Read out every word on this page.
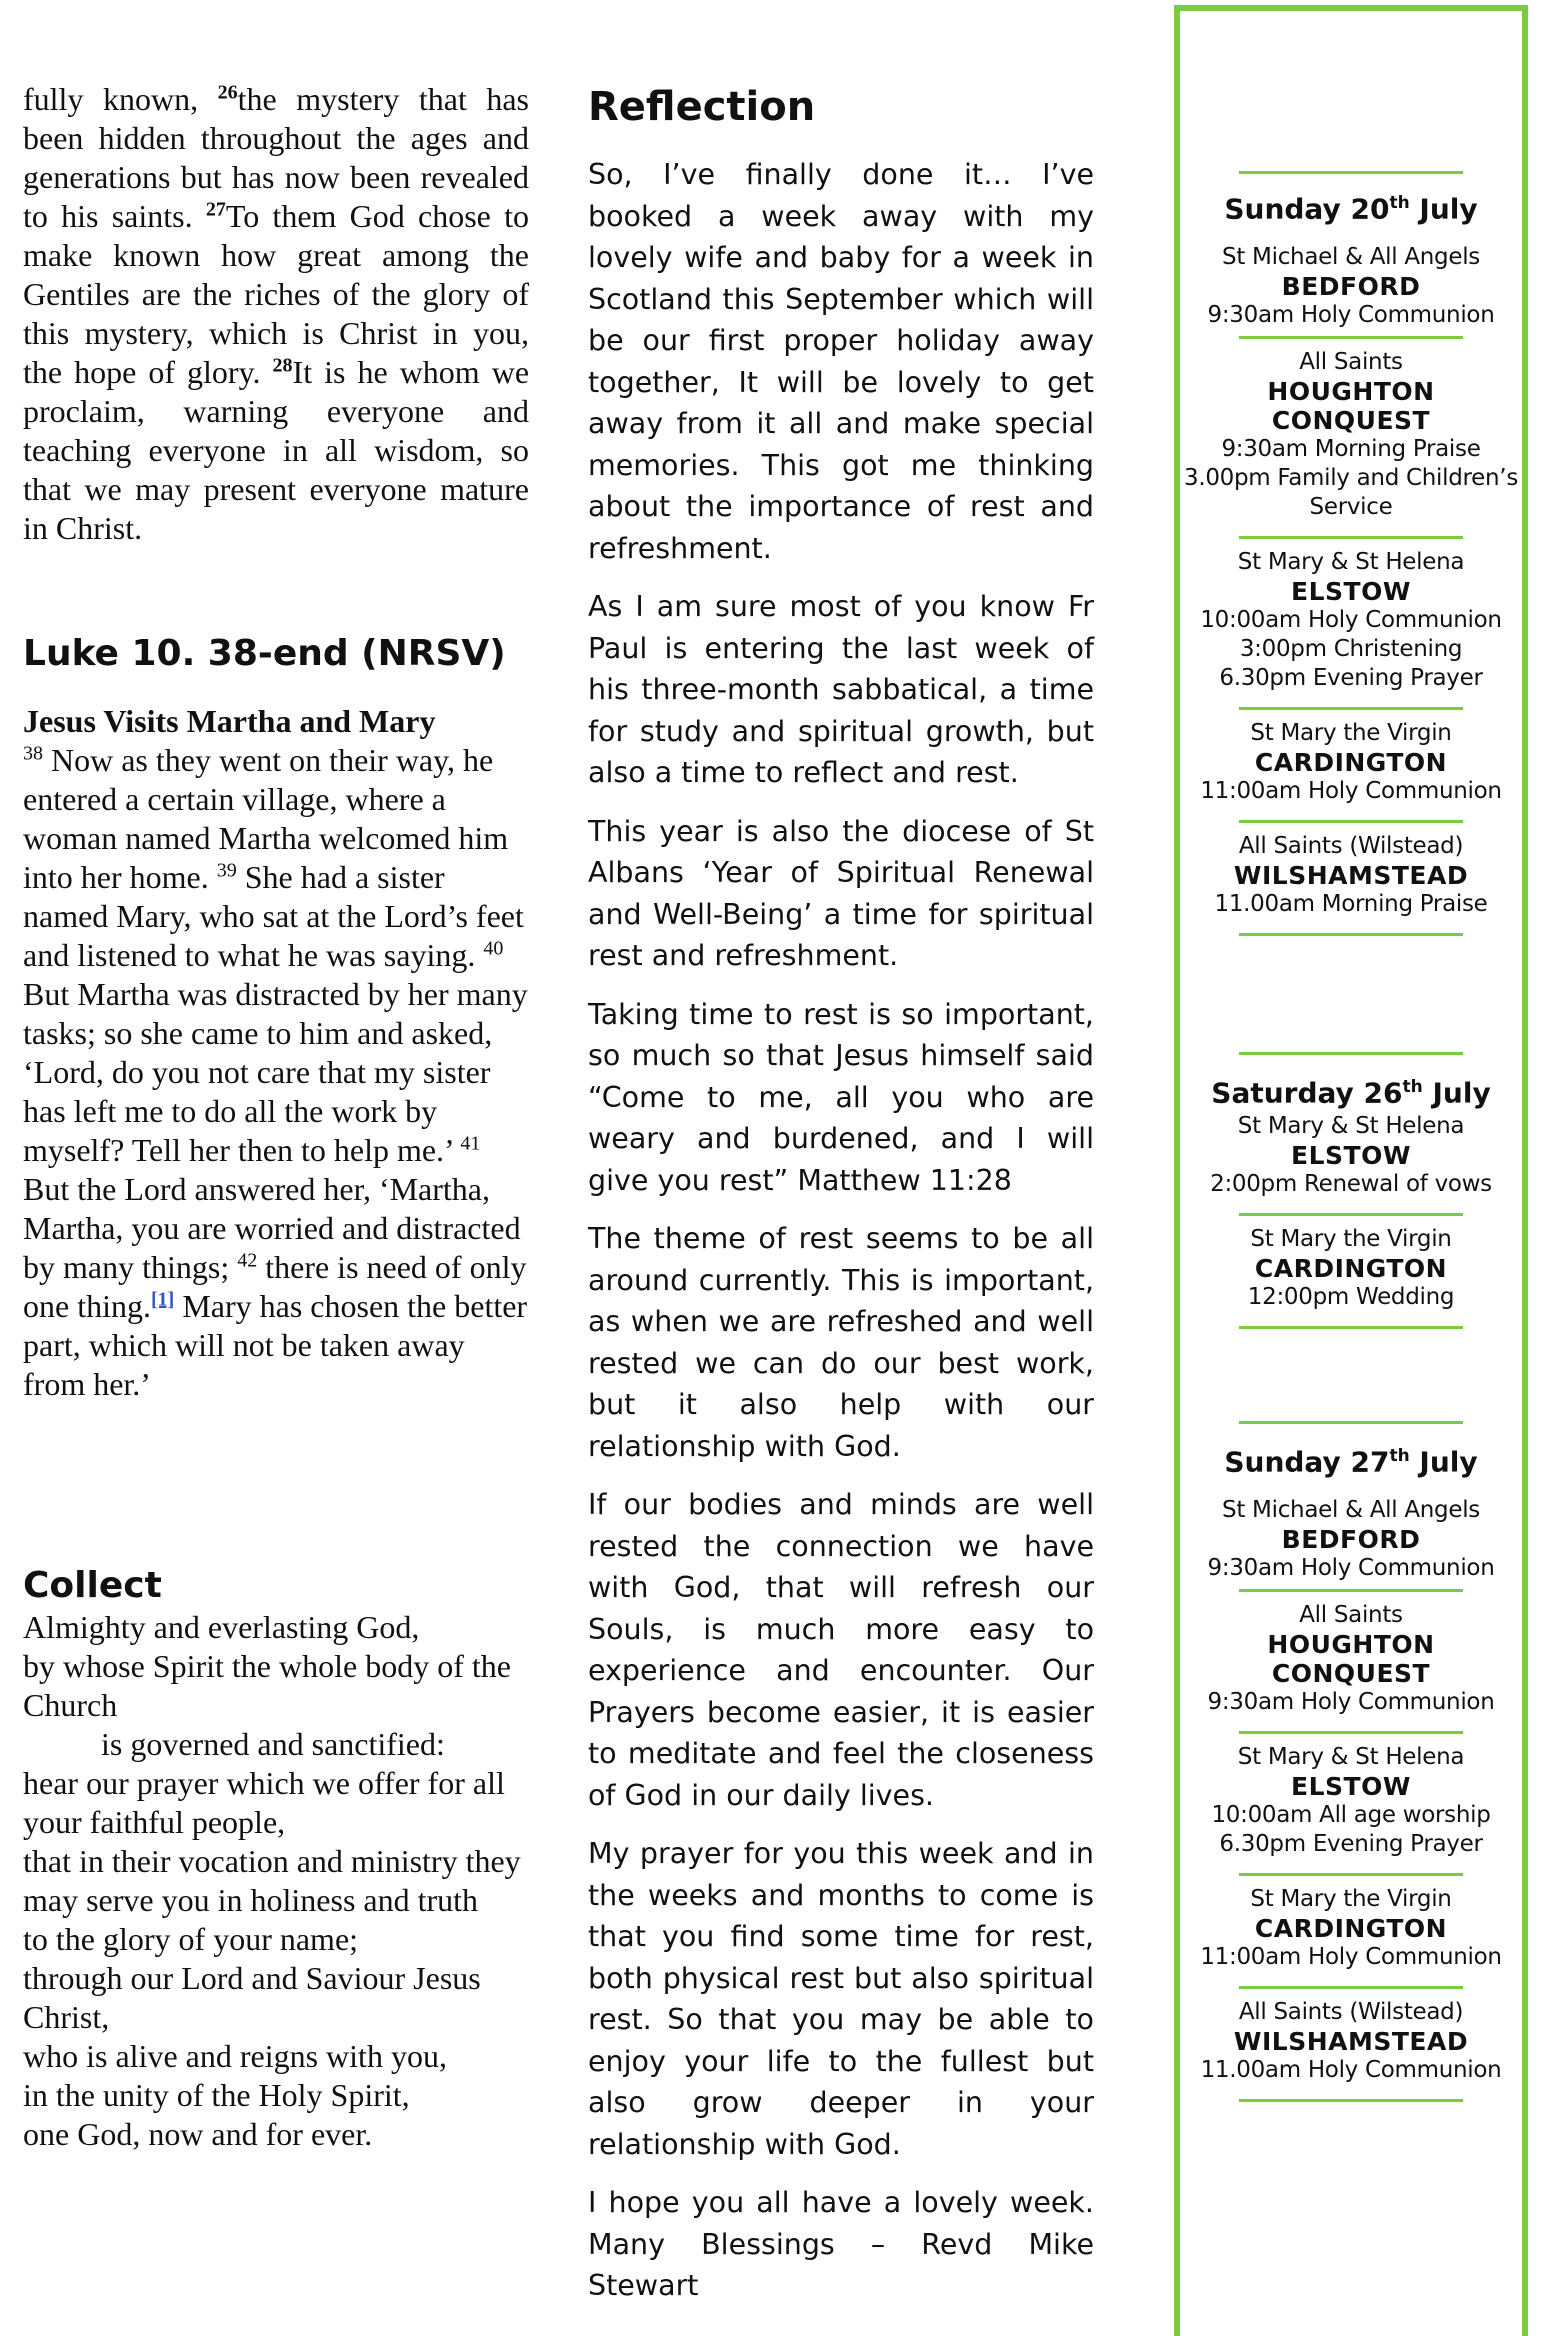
fully known, $^{26}$the mystery that has been hidden throughout the ages and generations but has now been revealed to his saints. $^{27}$To them God chose to make known how great among the Gentiles are the riches of the glory of this mystery, which is Christ in you, the hope of glory. $^{28}$It is he whom we proclaim, warning everyone and teaching everyone in all wisdom, so that we may present everyone mature in Christ.

Luke 10. 38-end (NRSV)

Jesus Visits Martha and Mary

$^{38}$ Now as they went on their way, he entered a certain village, where a woman named Martha welcomed him into her home. $^{39}$ She had a sister named Mary, who sat at the Lord’s feet and listened to what he was saying. $^{40}$ But Martha was distracted by her many tasks; so she came to him and asked, ‘Lord, do you not care that my sister has left me to do all the work by myself? Tell her then to help me.’ $^{41}$ But the Lord answered her, ‘Martha, Martha, you are worried and distracted by many things; $^{42}$ there is need of only one thing.[1] Mary has chosen the better part, which will not be taken away from her.’

Collect

Almighty and everlasting God,

by whose Spirit the whole body of the Church

is governed and sanctified:

hear our prayer which we offer for all your faithful people,

that in their vocation and ministry they may serve you in holiness and truth

to the glory of your name;

through our Lord and Saviour Jesus Christ,

who is alive and reigns with you,

in the unity of the Holy Spirit,

one God, now and for ever.

Reflection

So, I’ve finally done it… I’ve booked a week away with my lovely wife and baby for a week in Scotland this September which will be our first proper holiday away together, It will be lovely to get away from it all and make special memories. This got me thinking about the importance of rest and refreshment.

As I am sure most of you know Fr Paul is entering the last week of his three-month sabbatical, a time for study and spiritual growth, but also a time to reflect and rest.

This year is also the diocese of St Albans ‘Year of Spiritual Renewal and Well-Being’ a time for spiritual rest and refreshment.

Taking time to rest is so important, so much so that Jesus himself said “Come to me, all you who are weary and burdened, and I will give you rest” Matthew 11:28

The theme of rest seems to be all around currently. This is important, as when we are refreshed and well rested we can do our best work, but it also help with our relationship with God.

If our bodies and minds are well rested the connection we have with God, that will refresh our Souls, is much more easy to experience and encounter. Our Prayers become easier, it is easier to meditate and feel the closeness of God in our daily lives.

My prayer for you this week and in the weeks and months to come is that you find some time for rest, both physical rest but also spiritual rest. So that you may be able to enjoy your life to the fullest but also grow deeper in your relationship with God.

I hope you all have a lovely week. Many Blessings – Revd Mike Stewart

Sunday 20th July
St Michael & All Angels
BEDFORD
9:30am Holy Communion
All Saints
HOUGHTON
CONQUEST
9:30am Morning Praise
3.00pm Family and Children’s
Service
St Mary & St Helena
ELSTOW
10:00am Holy Communion
3:00pm Christening
6.30pm Evening Prayer
St Mary the Virgin
CARDINGTON
11:00am Holy Communion
All Saints (Wilstead)
WILSHAMSTEAD
11.00am Morning Praise
Saturday 26th July
St Mary & St Helena
ELSTOW
2:00pm Renewal of vows
St Mary the Virgin
CARDINGTON
12:00pm Wedding
Sunday 27th July
St Michael & All Angels
BEDFORD
9:30am Holy Communion
All Saints
HOUGHTON
CONQUEST
9:30am Holy Communion
St Mary & St Helena
ELSTOW
10:00am All age worship
6.30pm Evening Prayer
St Mary the Virgin
CARDINGTON
11:00am Holy Communion
All Saints (Wilstead)
WILSHAMSTEAD
11.00am Holy Communion
